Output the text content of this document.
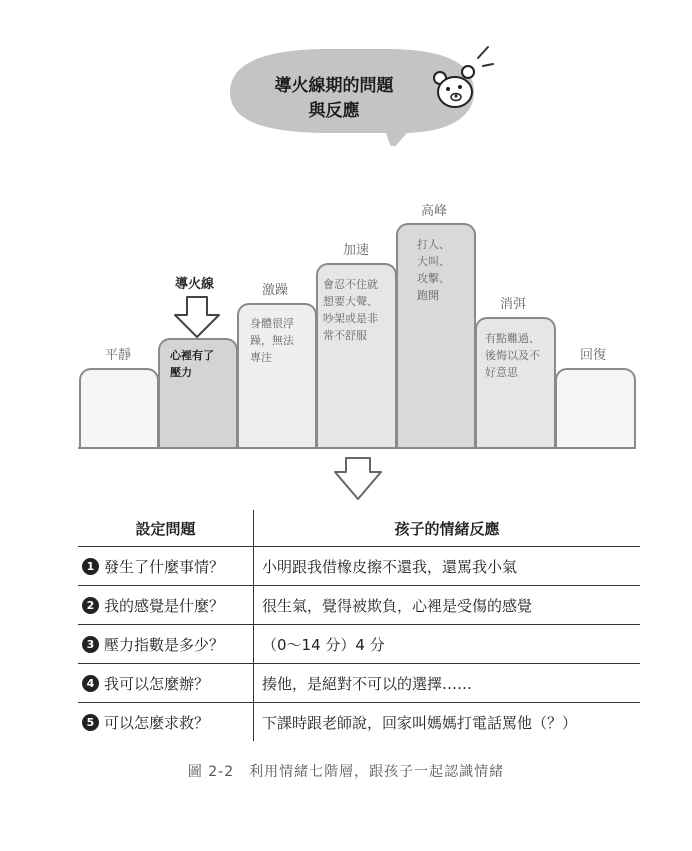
導火線期的問題
與反應
平靜
導火線
心裡有了
壓力
激躁
身體很浮
躁，無法
專注
加速
會忍不住就
想要大聲、
吵架或是非
常不舒服
高峰
打人、
大叫、
攻擊、
跑開
消弭
有點難過、
後悔以及不
好意思
回復
設定問題	孩子的情緒反應
1 發生了什麼事情？	小明跟我借橡皮擦不還我，還罵我小氣
2 我的感覺是什麼？	很生氣，覺得被欺負，心裡是受傷的感覺
3 壓力指數是多少？	（0～14 分）4 分
4 我可以怎麼辦？	揍他，是絕對不可以的選擇……
5 可以怎麼求救？	下課時跟老師說，回家叫媽媽打電話罵他（？）
圖 2-2　利用情緒七階層，跟孩子一起認識情緒
